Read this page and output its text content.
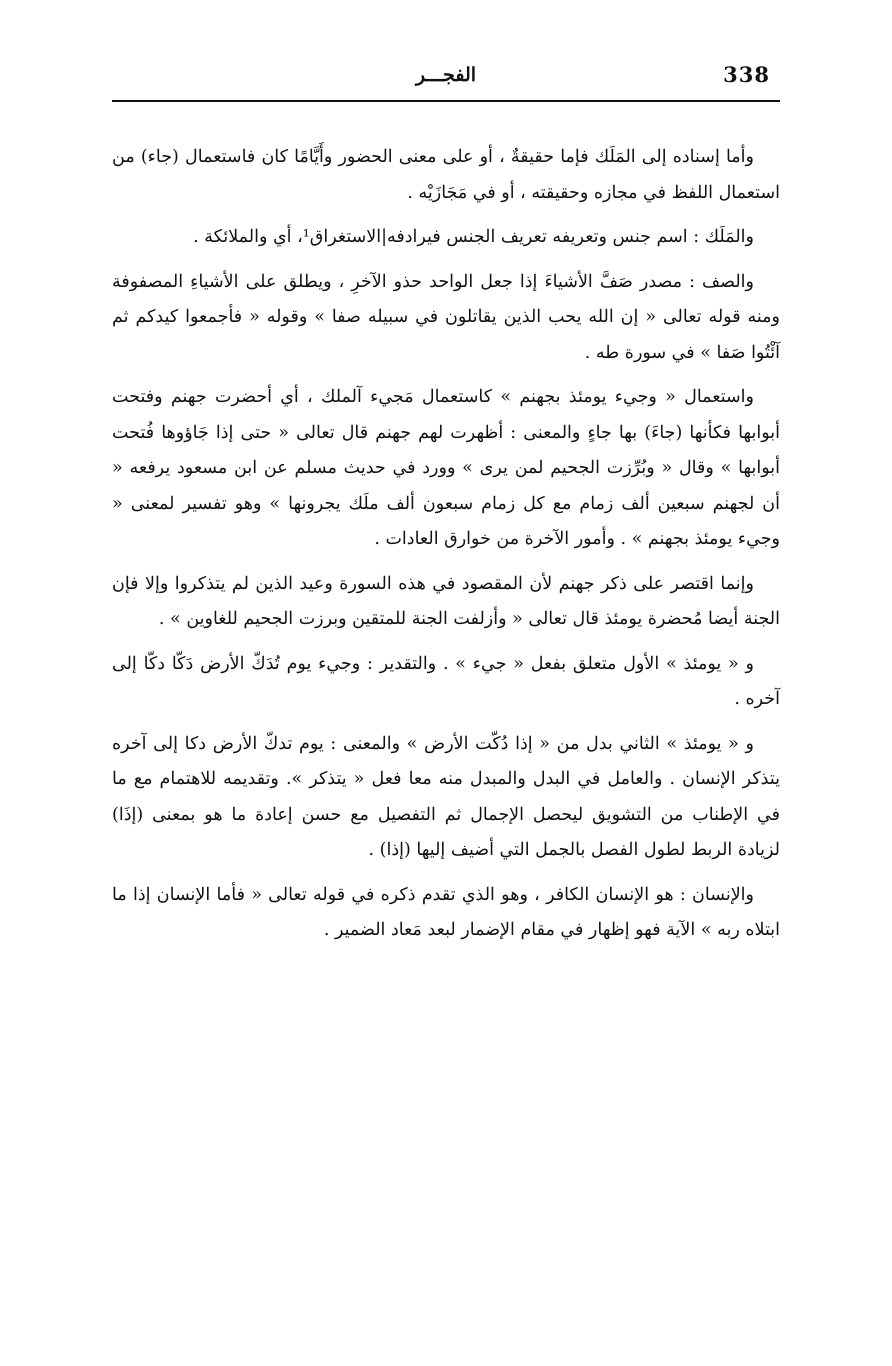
338
الفجـــر

وأما إسناده إلى المَلَك فإما حقيقةٌ ، أو على معنى الحضور وأَيَّامًا كان فاستعمال (جاء) من استعمال اللفظ في مجازه وحقيقته ، أو في مَجَازَيْه .

والمَلَك : اسم جنس وتعريفه تعريف الجنس فيرادفه|الاستغراق¹، أي والملائكة .

والصف : مصدر صَفَّ الأشياءَ إذا جعل الواحد حذو الآخرِ ، ويطلق على الأشياءِ المصفوفة ومنه قوله تعالى « إن الله يحب الذين يقاتلون في سبيله صفا » وقوله « فأجمعوا كيدكم ثم آئْتُوا صَفا » في سورة طه .

واستعمال « وجيء يومئذ بجهنم » كاستعمال مَجيء آلملك ، أي أحضرت جهنم وفتحت أبوابها فكأنها (جاءَ) بها جاءٍ والمعنى : أظهرت لهم جهنم قال تعالى « حتى إذا جَاؤوها فُتحت أبوابها » وقال « وبُرِّزت الجحيم لمن يرى » وورد في حديث مسلم عن ابن مسعود يرفعه « أن لجهنم سبعين ألف زمام مع كل زمام سبعون ألف ملَك يجرونها » وهو تفسير لمعنى « وجيء يومئذ بجهنم » . وأمور الآخرة من خوارق العادات .

وإنما اقتصر على ذكر جهنم لأن المقصود في هذه السورة وعيد الذين لم يتذكروا وإلا فإن الجنة أيضا مُحضرة يومئذ قال تعالى « وأزلفت الجنة للمتقين وبرزت الجحيم للغاوين » .

و « يومئذ » الأول متعلق بفعل « جيء » . والتقدير : وجيء يوم تُدَكّ الأرض دَكّا دكّا إلى آخره .

و « يومئذ » الثاني بدل من « إذا دُكّت الأرض » والمعنى : يوم تدكّ الأرض دكا إلى آخره يتذكر الإنسان . والعامل في البدل والمبدل منه معا فعل « يتذكر ». وتقديمه للاهتمام مع ما في الإطناب من التشويق ليحصل الإجمال ثم التفصيل مع حسن إعادة ما هو بمعنى (إذَا) لزيادة الربط لطول الفصل بالجمل التي أضيف إليها (إذا) .

والإنسان : هو الإنسان الكافر ، وهو الذي تقدم ذكره في قوله تعالى « فأما الإنسان إذا ما ابتلاه ربه » الآية فهو إظهار في مقام الإضمار لبعد مَعاد الضمير .
